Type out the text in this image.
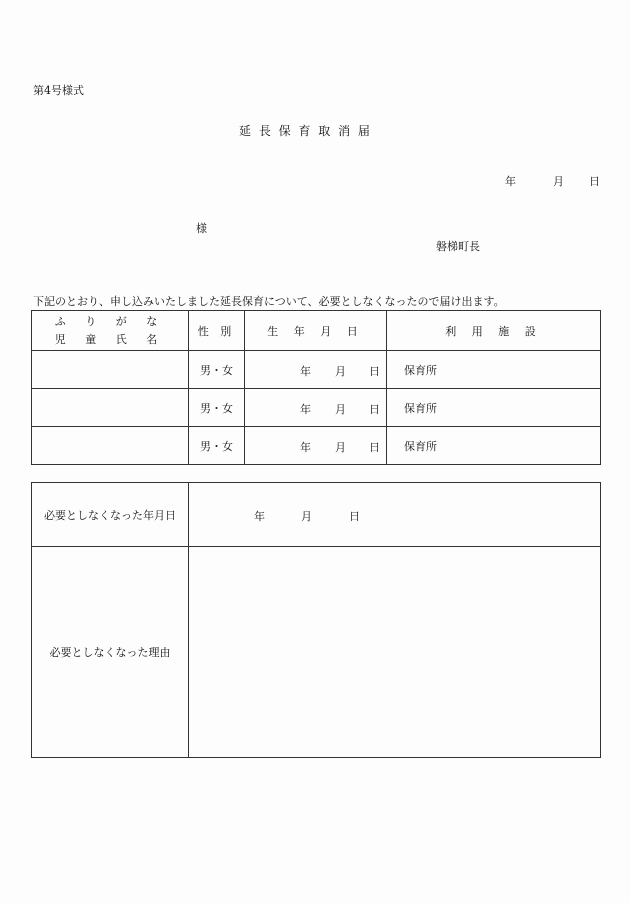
第4号様式
延 長 保 育 取 消 届
年	月 日
様
磐梯町長
下記のとおり、申し込みいたしました延長保育について、必要としなくなったので届け出ます。
ふ り が な
児 童 氏 名	性 別	生 年 月 日	利 用 施 設
	男・女	年 月 日	保育所
	男・女	年 月 日	保育所
	男・女	年 月 日	保育所
必要としなくなった年月日	年 月 日

必要としなくなった理由	
